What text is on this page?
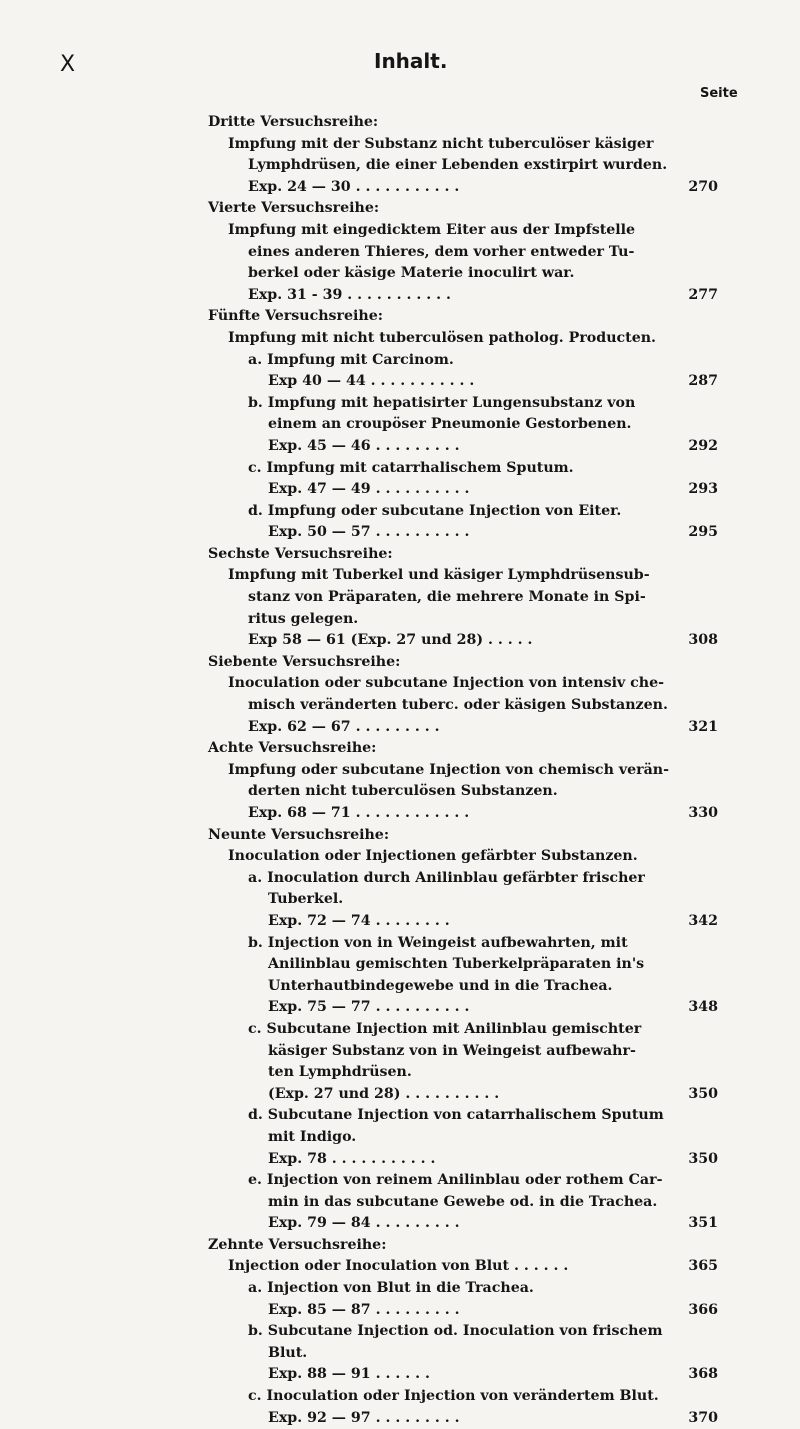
X	Inhalt.
Seite
Dritte Versuchsreihe:
Impfung mit der Substanz nicht tuberculöser käsiger
Lymphdrüsen, die einer Lebenden exstirpirt wurden.
Exp. 24 — 30 . . . . . . . . . . .	270
Vierte Versuchsreihe:
Impfung mit eingedicktem Eiter aus der Impfstelle
eines anderen Thieres, dem vorher entweder Tu-
berkel oder käsige Materie inoculirt war.
Exp. 31 - 39 . . . . . . . . . . .	277
Fünfte Versuchsreihe:
Impfung mit nicht tuberculösen patholog. Producten.
a. Impfung mit Carcinom.
Exp 40 — 44 . . . . . . . . . . .	287
b. Impfung mit hepatisirter Lungensubstanz von
einem an croupöser Pneumonie Gestorbenen.
Exp. 45 — 46 . . . . . . . . .	292
c. Impfung mit catarrhalischem Sputum.
Exp. 47 — 49 . . . . . . . . . .	293
d. Impfung oder subcutane Injection von Eiter.
Exp. 50 — 57 . . . . . . . . . .	295
Sechste Versuchsreihe:
Impfung mit Tuberkel und käsiger Lymphdrüsensub-
stanz von Präparaten, die mehrere Monate in Spi-
ritus gelegen.
Exp 58 — 61 (Exp. 27 und 28) . . . . .	308
Siebente Versuchsreihe:
Inoculation oder subcutane Injection von intensiv che-
misch veränderten tuberc. oder käsigen Substanzen.
Exp. 62 — 67 . . . . . . . . .	321
Achte Versuchsreihe:
Impfung oder subcutane Injection von chemisch verän-
derten nicht tuberculösen Substanzen.
Exp. 68 — 71 . . . . . . . . . . . .	330
Neunte Versuchsreihe:
Inoculation oder Injectionen gefärbter Substanzen.
a. Inoculation durch Anilinblau gefärbter frischer
Tuberkel.
Exp. 72 — 74 . . . . . . . .	342
b. Injection von in Weingeist aufbewahrten, mit
Anilinblau gemischten Tuberkelpräparaten in's
Unterhautbindegewebe und in die Trachea.
Exp. 75 — 77 . . . . . . . . . .	348
c. Subcutane Injection mit Anilinblau gemischter
käsiger Substanz von in Weingeist aufbewahr-
ten Lymphdrüsen.
(Exp. 27 und 28) . . . . . . . . . .	350
d. Subcutane Injection von catarrhalischem Sputum
mit Indigo.
Exp. 78 . . . . . . . . . . .	350
e. Injection von reinem Anilinblau oder rothem Car-
min in das subcutane Gewebe od. in die Trachea.
Exp. 79 — 84 . . . . . . . . .	351
Zehnte Versuchsreihe:
Injection oder Inoculation von Blut . . . . . .	365
a. Injection von Blut in die Trachea.
Exp. 85 — 87 . . . . . . . . .	366
b. Subcutane Injection od. Inoculation von frischem
Blut.
Exp. 88 — 91 . . . . . .	368
c. Inoculation oder Injection von verändertem Blut.
Exp. 92 — 97 . . . . . . . . .	370
